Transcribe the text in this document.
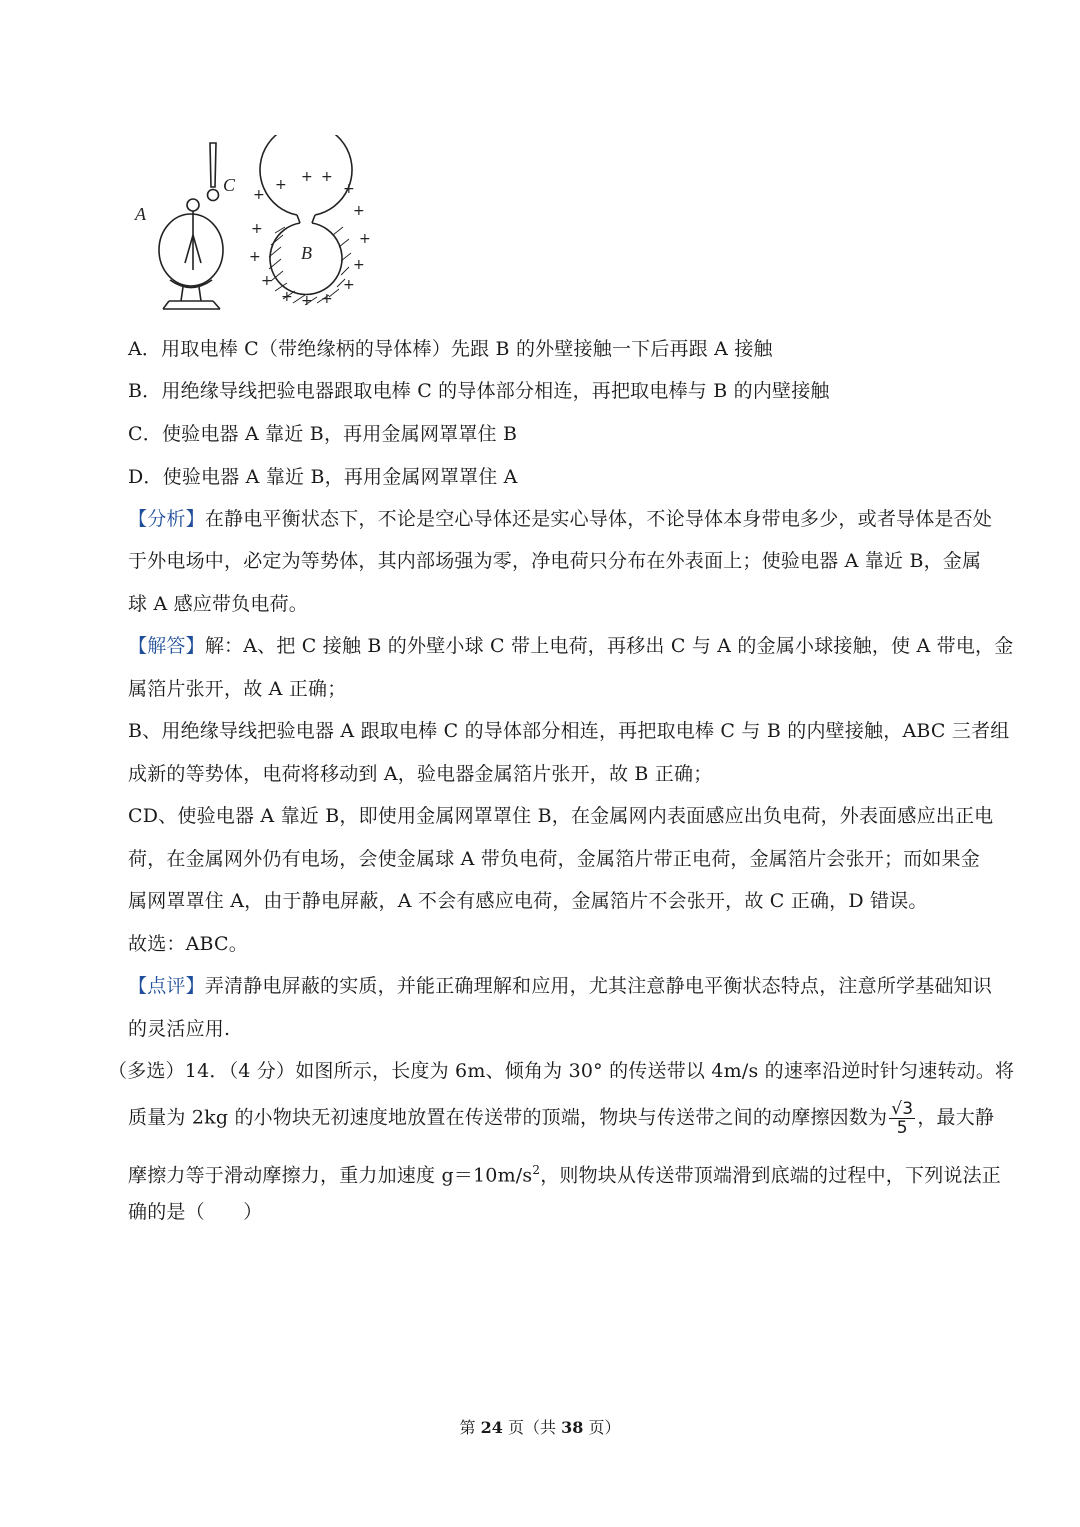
+
+ + +
+
+
+
+
+
+
+
+
+
+
+
A
B
C
A．用取电棒 C（带绝缘柄的导体棒）先跟 B 的外壁接触一下后再跟 A 接触
B．用绝缘导线把验电器跟取电棒 C 的导体部分相连，再把取电棒与 B 的内壁接触
C．使验电器 A 靠近 B，再用金属网罩罩住 B
D．使验电器 A 靠近 B，再用金属网罩罩住 A
【分析】在静电平衡状态下，不论是空心导体还是实心导体，不论导体本身带电多少，或者导体是否处
于外电场中，必定为等势体，其内部场强为零，净电荷只分布在外表面上；使验电器 A 靠近 B，金属
球 A 感应带负电荷。
【解答】解：A、把 C 接触 B 的外壁小球 C 带上电荷，再移出 C 与 A 的金属小球接触，使 A 带电，金
属箔片张开，故 A 正确；
B、用绝缘导线把验电器 A 跟取电棒 C 的导体部分相连，再把取电棒 C 与 B 的内壁接触，ABC 三者组
成新的等势体，电荷将移动到 A，验电器金属箔片张开，故 B 正确；
CD、使验电器 A 靠近 B，即使用金属网罩罩住 B，在金属网内表面感应出负电荷，外表面感应出正电
荷，在金属网外仍有电场，会使金属球 A 带负电荷，金属箔片带正电荷，金属箔片会张开；而如果金
属网罩罩住 A，由于静电屏蔽，A 不会有感应电荷，金属箔片不会张开，故 C 正确，D 错误。
故选：ABC。
【点评】弄清静电屏蔽的实质，并能正确理解和应用，尤其注意静电平衡状态特点，注意所学基础知识
的灵活应用.
（多选）14．（4 分）如图所示，长度为 6m、倾角为 30° 的传送带以 4m/s 的速率沿逆时针匀速转动。将
质量为 2kg 的小物块无初速度地放置在传送带的顶端，物块与传送带之间的动摩擦因数为 $\frac{√3}{5}$ ，最大静
摩擦力等于滑动摩擦力，重力加速度 $g=10m/s^2$，则物块从传送带顶端滑到底端的过程中，下列说法正
确的是（　　）
第 24 页（共 38 页）
